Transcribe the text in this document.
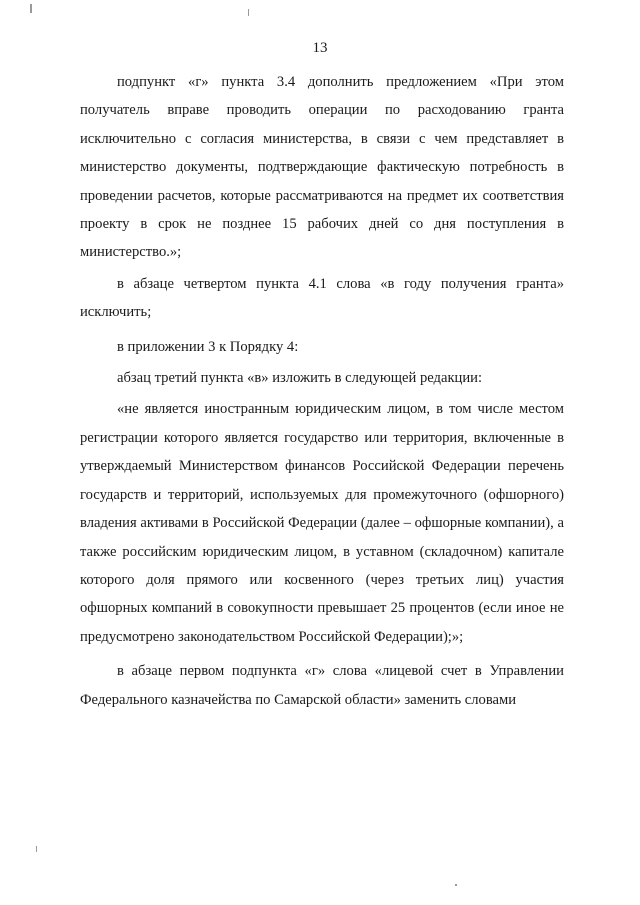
13

подпункт «г» пункта 3.4 дополнить предложением «При этом получатель вправе проводить операции по расходованию гранта исключительно с согласия министерства, в связи с чем представляет в министерство документы, подтверждающие фактическую потребность в проведении расчетов, которые рассматриваются на предмет их соответствия проекту в срок не позднее 15 рабочих дней со дня поступления в министерство.»;

в абзаце четвертом пункта 4.1 слова «в году получения гранта» исключить;

в приложении 3 к Порядку 4:

абзац третий пункта «в» изложить в следующей редакции:

«не является иностранным юридическим лицом, в том числе местом регистрации которого является государство или территория, включенные в утверждаемый Министерством финансов Российской Федерации перечень государств и территорий, используемых для промежуточного (офшорного) владения активами в Российской Федерации (далее – офшорные компании), а также российским юридическим лицом, в уставном (складочном) капитале которого доля прямого или косвенного (через третьих лиц) участия офшорных компаний в совокупности превышает 25 процентов (если иное не предусмотрено законодательством Российской Федерации);»;

в абзаце первом подпункта «г» слова «лицевой счет в Управлении Федерального казначейства по Самарской области» заменить словами
